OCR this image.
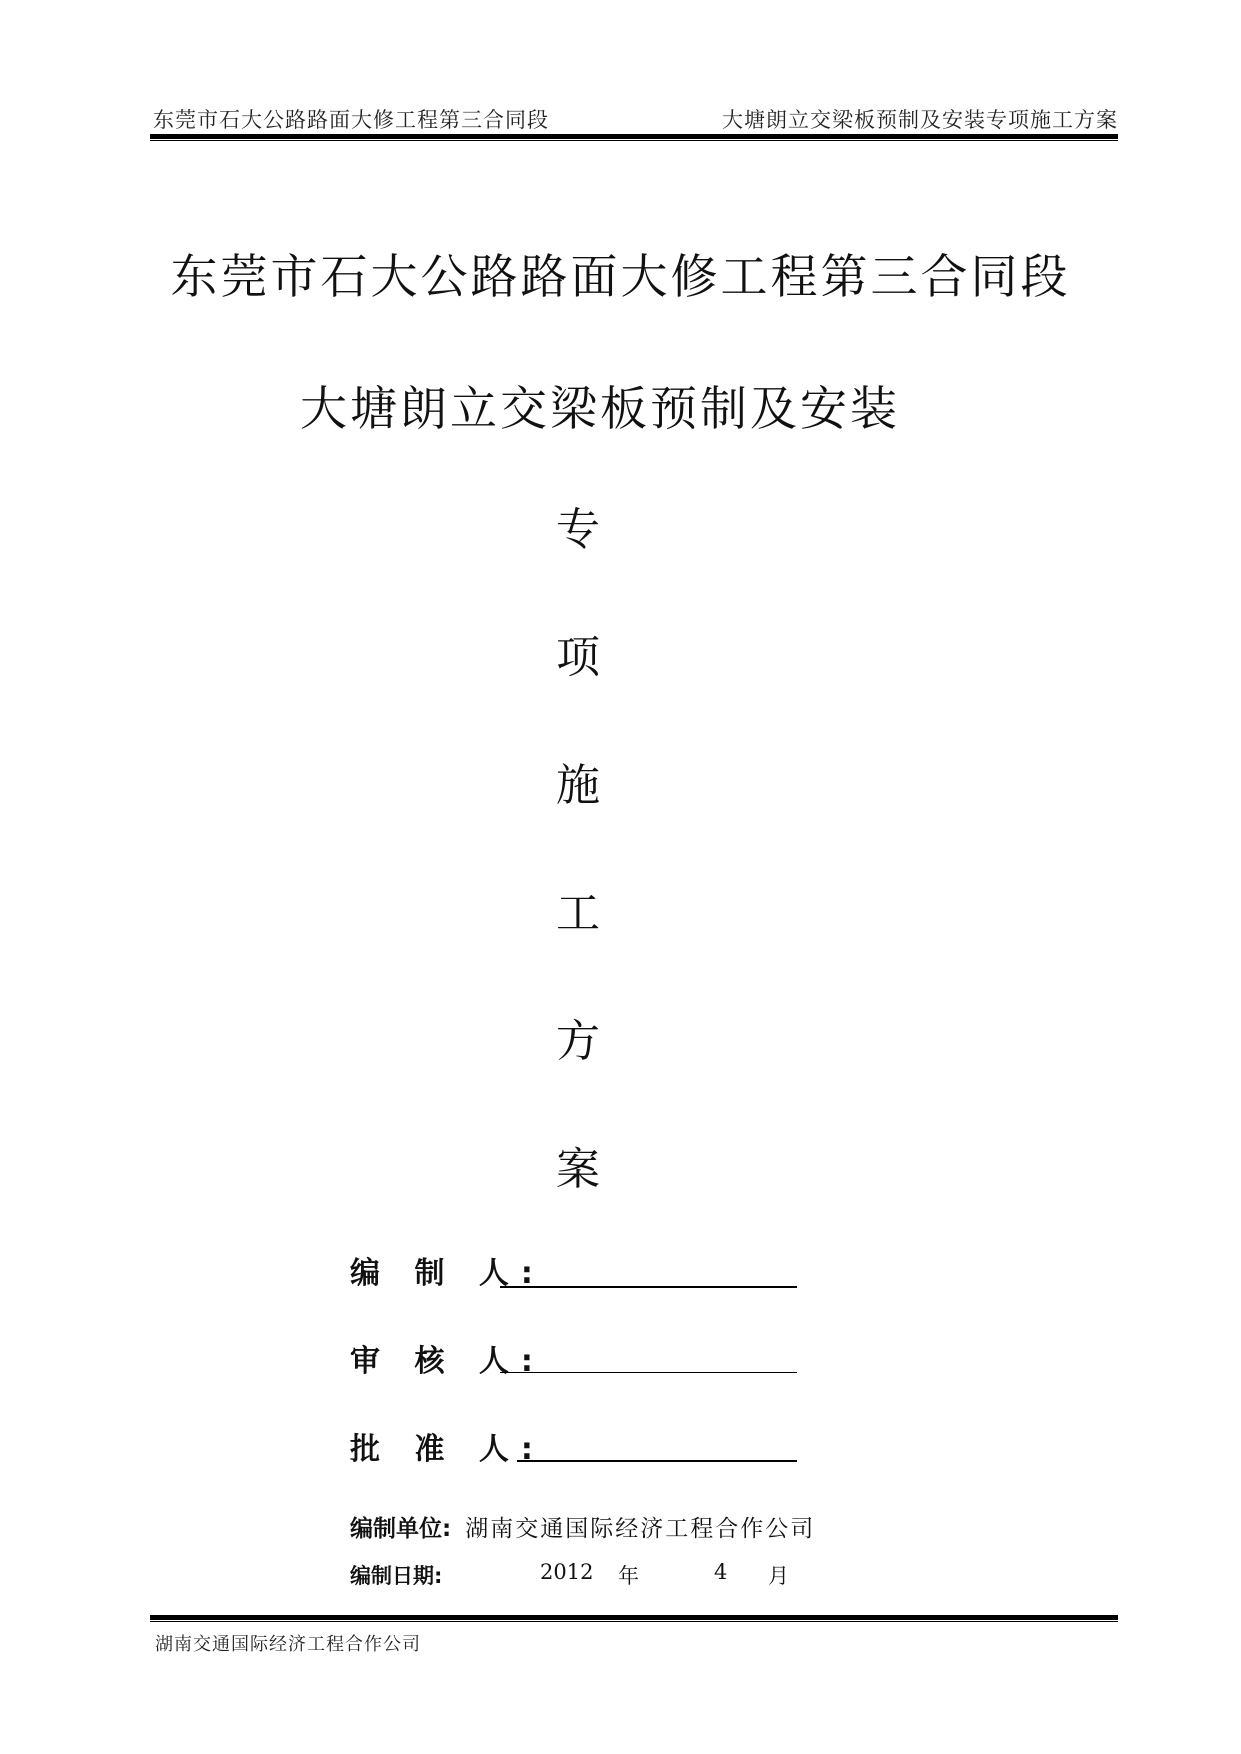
东莞市石大公路路面大修工程第三合同段	大塘朗立交梁板预制及安装专项施工方案
东莞市石大公路路面大修工程第三合同段
大塘朗立交梁板预制及安装
专
项
施
工
方
案
编 制 人:
审 核 人:
批 准 人:
编制单位: 湖南交通国际经济工程合作公司
编制日期:	2012 年	4 月
湖南交通国际经济工程合作公司
